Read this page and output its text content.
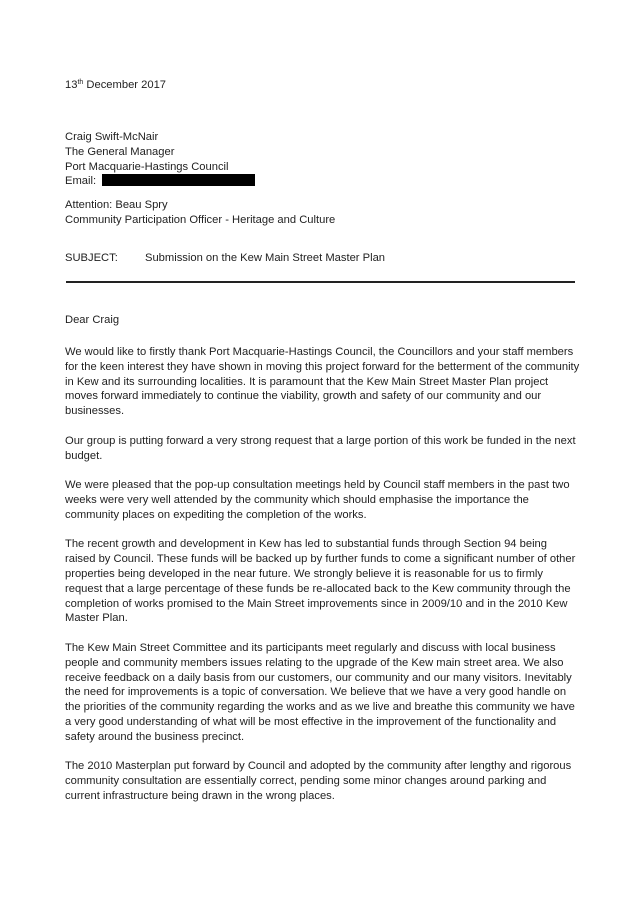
13th December 2017
Craig Swift-McNair
The General Manager
Port Macquarie-Hastings Council
Email:
Attention: Beau Spry
Community Participation Officer - Heritage and Culture
SUBJECT: Submission on the Kew Main Street Master Plan
Dear Craig

We would like to firstly thank Port Macquarie-Hastings Council, the Councillors and your staff members for the keen interest they have shown in moving this project forward for the betterment of the community in Kew and its surrounding localities. It is paramount that the Kew Main Street Master Plan project moves forward immediately to continue the viability, growth and safety of our community and our businesses.

Our group is putting forward a very strong request that a large portion of this work be funded in the next budget.

We were pleased that the pop-up consultation meetings held by Council staff members in the past two weeks were very well attended by the community which should emphasise the importance the community places on expediting the completion of the works.

The recent growth and development in Kew has led to substantial funds through Section 94 being raised by Council. These funds will be backed up by further funds to come a significant number of other properties being developed in the near future. We strongly believe it is reasonable for us to firmly request that a large percentage of these funds be re-allocated back to the Kew community through the completion of works promised to the Main Street improvements since in 2009/10 and in the 2010 Kew Master Plan.

The Kew Main Street Committee and its participants meet regularly and discuss with local business people and community members issues relating to the upgrade of the Kew main street area. We also receive feedback on a daily basis from our customers, our community and our many visitors. Inevitably the need for improvements is a topic of conversation. We believe that we have a very good handle on the priorities of the community regarding the works and as we live and breathe this community we have a very good understanding of what will be most effective in the improvement of the functionality and safety around the business precinct.

The 2010 Masterplan put forward by Council and adopted by the community after lengthy and rigorous community consultation are essentially correct, pending some minor changes around parking and current infrastructure being drawn in the wrong places.
